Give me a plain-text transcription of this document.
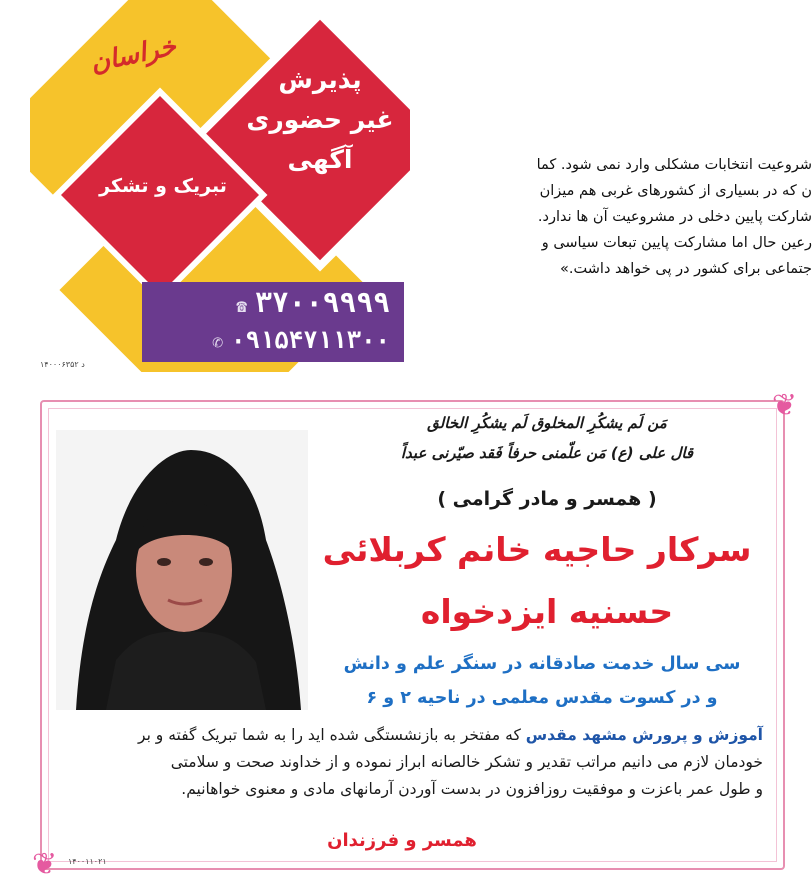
خراسان
پذیرش
غیر حضوری
آگهی
تبریک و تشکر
☎ ۳۷۰۰۹۹۹۹
✆ ۰۹۱۵۴۷۱۱۳۰۰
۱۴۰۰۰۶۳۵۲ د
شروعیت انتخابات مشکلی وارد نمی شود. کما
ن که در بسیاری از کشورهای غربی هم میزان
شارکت پایین دخلی در مشروعیت آن ها ندارد.
رعین حال اما مشارکت پایین تبعات سیاسی و
جتماعی برای کشور در پی خواهد داشت.»
❦
❦
مَن لَم یشکُرِ المخلوق لَم یشکُرِ الخالق
قال علی (ع) مَن علّمنی حرفاً فَقد صیّرنی عبداً
( همسر و مادر گرامی )
سرکار حاجیه خانم کربلائی
حسنیه ایزدخواه
سی سال خدمت صادقانه در سنگر علم و دانش
و در کسوت مقدس معلمی در ناحیه ۲ و ۶
آموزش و پرورش مشهد مقدس که مفتخر به بازنشستگی شده اید را به شما تبریک گفته و بر
خودمان لازم می دانیم مراتب تقدیر و تشکر خالصانه ابراز نموده و از خداوند صحت و سلامتی
و طول عمر باعزت و موفقیت روزافزون در بدست آوردن آرمانهای مادی و معنوی خواهانیم.
همسر و فرزندان
۱۴۰۰۱۱۰۲۱
